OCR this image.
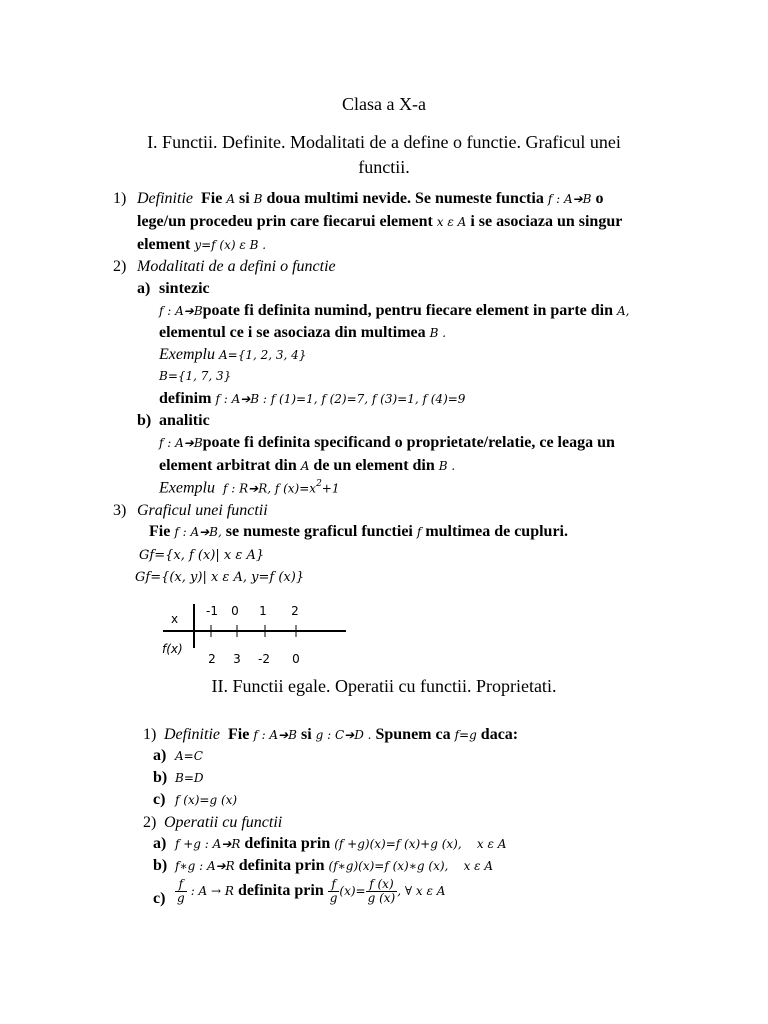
Clasa a X-a
I. Functii. Definite. Modalitati de a define o functie. Graficul unei
functii.
1) Definitie Fie A si B doua multimi nevide. Se numeste functia f : A➔B o
lege/un procedeu prin care fiecarui element x ε A i se asociaza un singur
element y=f (x) ε B .
2) Modalitati de a defini o functie
a) sintezic
f : A➔Bpoate fi definita numind, pentru fiecare element in parte din A,
elementul ce i se asociaza din multimea B .
Exemplu A={1, 2, 3, 4}
B={1, 7, 3}
definim f : A➔B : f (1)=1, f (2)=7, f (3)=1, f (4)=9
b) analitic
f : A➔Bpoate fi definita specificand o proprietate/relatie, ce leaga un
element arbitrat din A de un element din B .
Exemplu f : R➔R, f $(x)=x^2+1$
3) Graficul unei functii
Fie f : A➔B, se numeste graficul functiei f multimea de cupluri.
Gf={x, f (x)| x ε A}
Gf={(x, y)| x ε A, y=f (x)}
x
f(x)
-1 0 1 2
2 3 -2 0
II. Functii egale. Operatii cu functii. Proprietati.
1) Definitie Fie f : A➔B si g : C➔D . Spunem ca f=g daca:
a) A=C
b) B=D
c) f (x)=g (x)
2) Operatii cu functii
a) f +g : A➔R definita prin (f +g)(x)=f (x)+g (x),    x ε A
b) f∗g : A➔R definita prin (f∗g)(x)=f (x)∗g (x),    x ε A
$c) \frac{f}{g}$ : A → R definita prin $\frac{f}{g} (x)= \frac{f (x)}{g (x)}$ , ∀ x ε A
